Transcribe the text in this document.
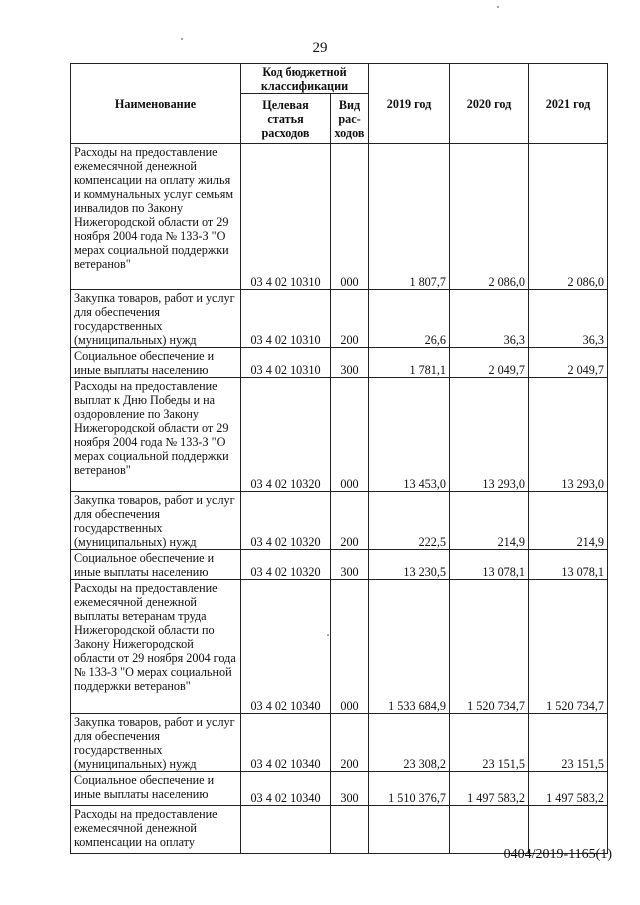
29
Наименование	Код бюджетной классификации		2019 год	2020 год	2021 год
	Целевая статья расходов	Вид рас-ходов			
Расходы на предоставление ежемесячной денежной компенсации на оплату жилья и коммунальных услуг семьям инвалидов по Закону Нижегородской области от 29 ноября 2004 года № 133-З "О мерах социальной поддержки ветеранов"	03 4 02 10310	000	1 807,7	2 086,0	2 086,0
Закупка товаров, работ и услуг для обеспечения государственных (муниципальных) нужд	03 4 02 10310	200	26,6	36,3	36,3
Социальное обеспечение и иные выплаты населению	03 4 02 10310	300	1 781,1	2 049,7	2 049,7
Расходы на предоставление выплат к Дню Победы и на оздоровление по Закону Нижегородской области от 29 ноября 2004 года № 133-З "О мерах социальной поддержки ветеранов"	03 4 02 10320	000	13 453,0	13 293,0	13 293,0
Закупка товаров, работ и услуг для обеспечения государственных (муниципальных) нужд	03 4 02 10320	200	222,5	214,9	214,9
Социальное обеспечение и иные выплаты населению	03 4 02 10320	300	13 230,5	13 078,1	13 078,1
Расходы на предоставление ежемесячной денежной выплаты ветеранам труда Нижегородской области по Закону Нижегородской области от 29 ноября 2004 года № 133-З "О мерах социальной поддержки ветеранов"	03 4 02 10340	000	1 533 684,9	1 520 734,7	1 520 734,7
Закупка товаров, работ и услуг для обеспечения государственных (муниципальных) нужд	03 4 02 10340	200	23 308,2	23 151,5	23 151,5
Социальное обеспечение и иные выплаты населению	03 4 02 10340	300	1 510 376,7	1 497 583,2	1 497 583,2
Расходы на предоставление ежемесячной денежной компенсации на оплату					
0404/2019-1165(1)
